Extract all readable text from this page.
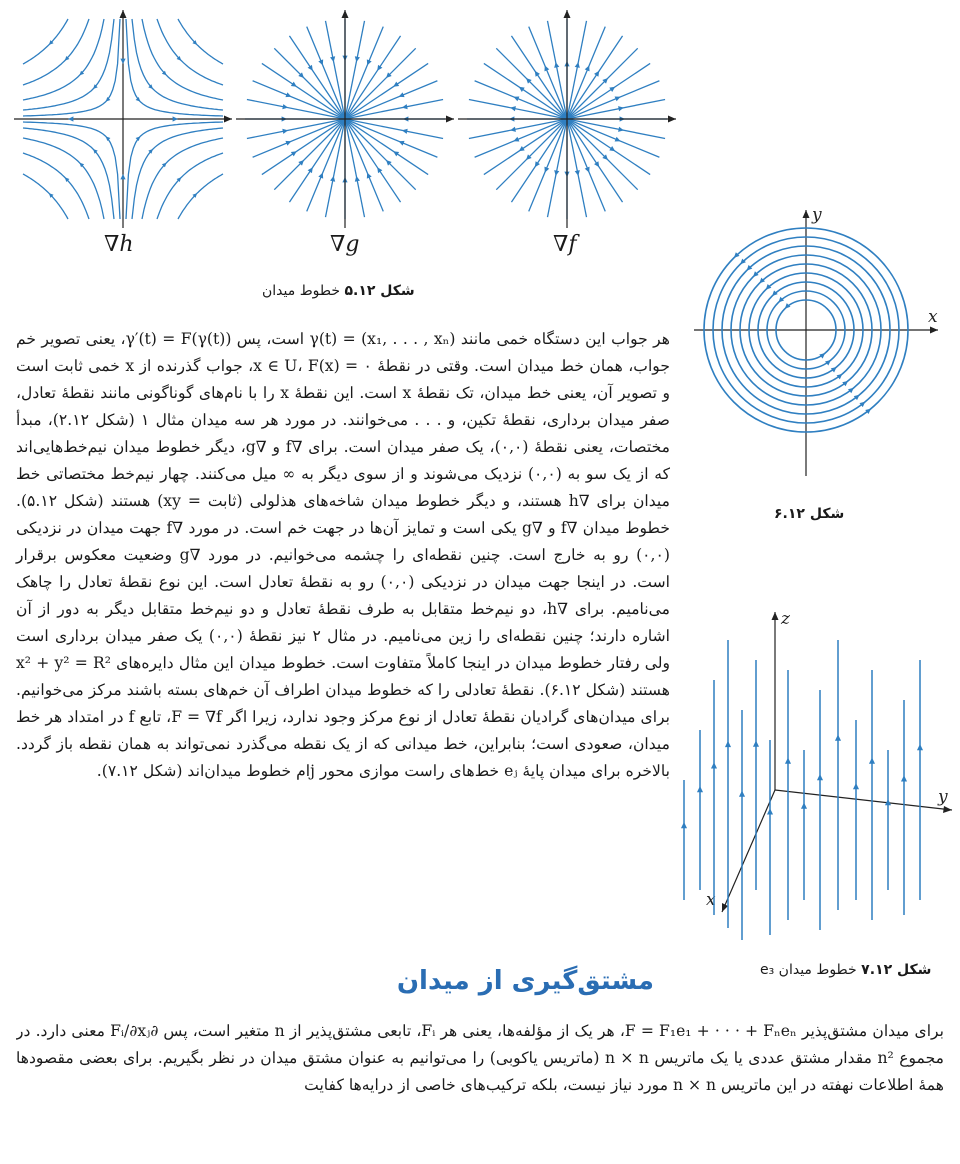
∇h	∇g	∇f
شکل ۵.۱۲ خطوط میدان
x
y
شکل ۶.۱۲
z
y
x
شکل ۷.۱۲ خطوط میدان e₃

هر جواب این دستگاه خمی مانند γ(t) = (x₁, . . . , xₙ) است، پس γ′(t) = F(γ(t))، یعنی تصویر خم جواب، همان خط میدان است. وقتی در نقطهٔ x ∈ U، F(x) = ۰، جواب گذرنده از x خمی ثابت است و تصویر آن، یعنی خط میدان، تک نقطهٔ x است. این نقطهٔ x را با نام‌های گوناگونی مانند نقطهٔ تعادل، صفر میدان برداری، نقطهٔ تکین، و . . . می‌خوانند. در مورد هر سه میدان مثال ۱ (شکل ۲.۱۲)، مبدأ مختصات، یعنی نقطهٔ (۰,۰)، یک صفر میدان است. برای ∇f و ∇g، دیگر خطوط میدان نیم‌خط‌هایی‌اند که از یک سو به (۰,۰) نزدیک می‌شوند و از سوی دیگر به ∞ میل می‌کنند. چهار نیم‌خط مختصاتی خط میدان برای ∇h هستند، و دیگر خطوط میدان شاخه‌های هذلولی (ثابت = xy) هستند (شکل ۵.۱۲). خطوط میدان ∇f و ∇g یکی است و تمایز آن‌ها در جهت خم است. در مورد ∇f جهت میدان در نزدیکی (۰,۰) رو به خارج است. چنین نقطه‌ای را چشمه می‌خوانیم. در مورد ∇g وضعیت معکوس برقرار است. در اینجا جهت میدان در نزدیکی (۰,۰) رو به نقطهٔ تعادل است. این نوع نقطهٔ تعادل را چاهک می‌نامیم. برای ∇h، دو نیم‌خط متقابل به طرف نقطهٔ تعادل و دو نیم‌خط متقابل دیگر به دور از آن اشاره دارند؛ چنین نقطه‌ای را زین می‌نامیم. در مثال ۲ نیز نقطهٔ (۰,۰) یک صفر میدان برداری است ولی رفتار خطوط میدان در اینجا کاملاً متفاوت است. خطوط میدان این مثال دایره‌های x² + y² = R² هستند (شکل ۶.۱۲). نقطهٔ تعادلی را که خطوط میدان اطراف آن خم‌های بسته باشند مرکز می‌خوانیم. برای میدان‌های گرادیان نقطهٔ تعادل از نوع مرکز وجود ندارد، زیرا اگر F = ∇f، تابع f در امتداد هر خط میدان، صعودی است؛ بنابراین، خط میدانی که از یک نقطه می‌گذرد نمی‌تواند به همان نقطه باز گردد. بالاخره برای میدان پایهٔ eⱼ خط‌های راست موازی محور jام خطوط میدان‌اند (شکل ۷.۱۲).

مشتق‌گیری از میدان

برای میدان مشتق‌پذیر F = F₁e₁ + · · · + Fₙeₙ، هر یک از مؤلفه‌ها، یعنی هر Fᵢ، تابعی مشتق‌پذیر از n متغیر است، پس ∂Fᵢ/∂xⱼ معنی دارد. در مجموع n² مقدار مشتق عددی یا یک ماتریس n × n (ماتریس یاکوبی) را می‌توانیم به عنوان مشتق میدان در نظر بگیریم. برای بعضی مقصودها همهٔ اطلاعات نهفته در این ماتریس n × n مورد نیاز نیست، بلکه ترکیب‌های خاصی از درایه‌ها کفایت
